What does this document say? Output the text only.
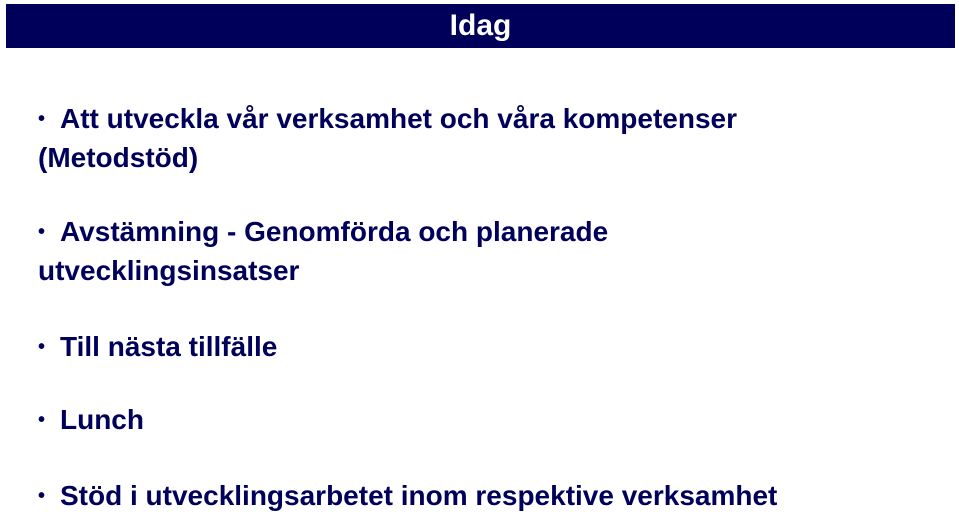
Idag
• Att utveckla vår verksamhet och våra kompetenser
(Metodstöd)
• Avstämning - Genomförda och planerade
utvecklingsinsatser
• Till nästa tillfälle
• Lunch
• Stöd i utvecklingsarbetet inom respektive verksamhet
